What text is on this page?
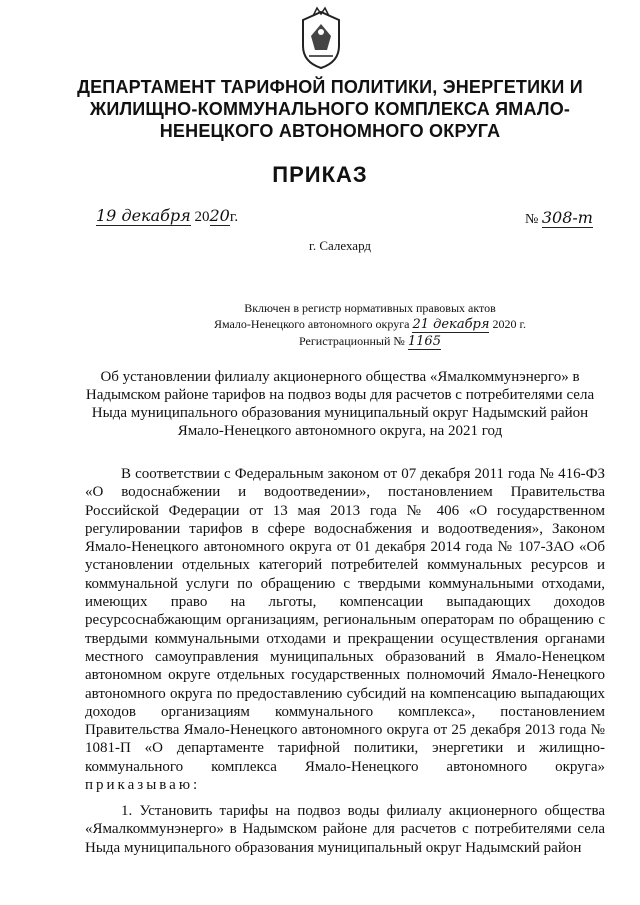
ДЕПАРТАМЕНТ ТАРИФНОЙ ПОЛИТИКИ, ЭНЕРГЕТИКИ И ЖИЛИЩНО-КОММУНАЛЬНОГО КОМПЛЕКСА ЯМАЛО-НЕНЕЦКОГО АВТОНОМНОГО ОКРУГА
ПРИКАЗ
19 декабря 2020г.	№ 308-т
г. Салехард
Включен в регистр нормативных правовых актов
Ямало-Ненецкого автономного округа 21 декабря 2020 г.
Регистрационный № 1165
Об установлении филиалу акционерного общества «Ямалкоммунэнерго» в Надымском районе тарифов на подвоз воды для расчетов с потребителями села Ныда муниципального образования муниципальный округ Надымский район Ямало-Ненецкого автономного округа, на 2021 год
В соответствии с Федеральным законом от 07 декабря 2011 года № 416-ФЗ «О водоснабжении и водоотведении», постановлением Правительства Российской Федерации от 13 мая 2013 года № 406 «О государственном регулировании тарифов в сфере водоснабжения и водоотведения», Законом Ямало-Ненецкого автономного округа от 01 декабря 2014 года № 107-ЗАО «Об установлении отдельных категорий потребителей коммунальных ресурсов и коммунальной услуги по обращению с твердыми коммунальными отходами, имеющих право на льготы, компенсации выпадающих доходов ресурсоснабжающим организациям, региональным операторам по обращению с твердыми коммунальными отходами и прекращении осуществления органами местного самоуправления муниципальных образований в Ямало-Ненецком автономном округе отдельных государственных полномочий Ямало-Ненецкого автономного округа по предоставлению субсидий на компенсацию выпадающих доходов организациям коммунального комплекса», постановлением Правительства Ямало-Ненецкого автономного округа от 25 декабря 2013 года № 1081-П «О департаменте тарифной политики, энергетики и жилищно-коммунального комплекса Ямало-Ненецкого автономного округа» приказываю:
1. Установить тарифы на подвоз воды филиалу акционерного общества «Ямалкоммунэнерго» в Надымском районе для расчетов с потребителями села Ныда муниципального образования муниципальный округ Надымский район
